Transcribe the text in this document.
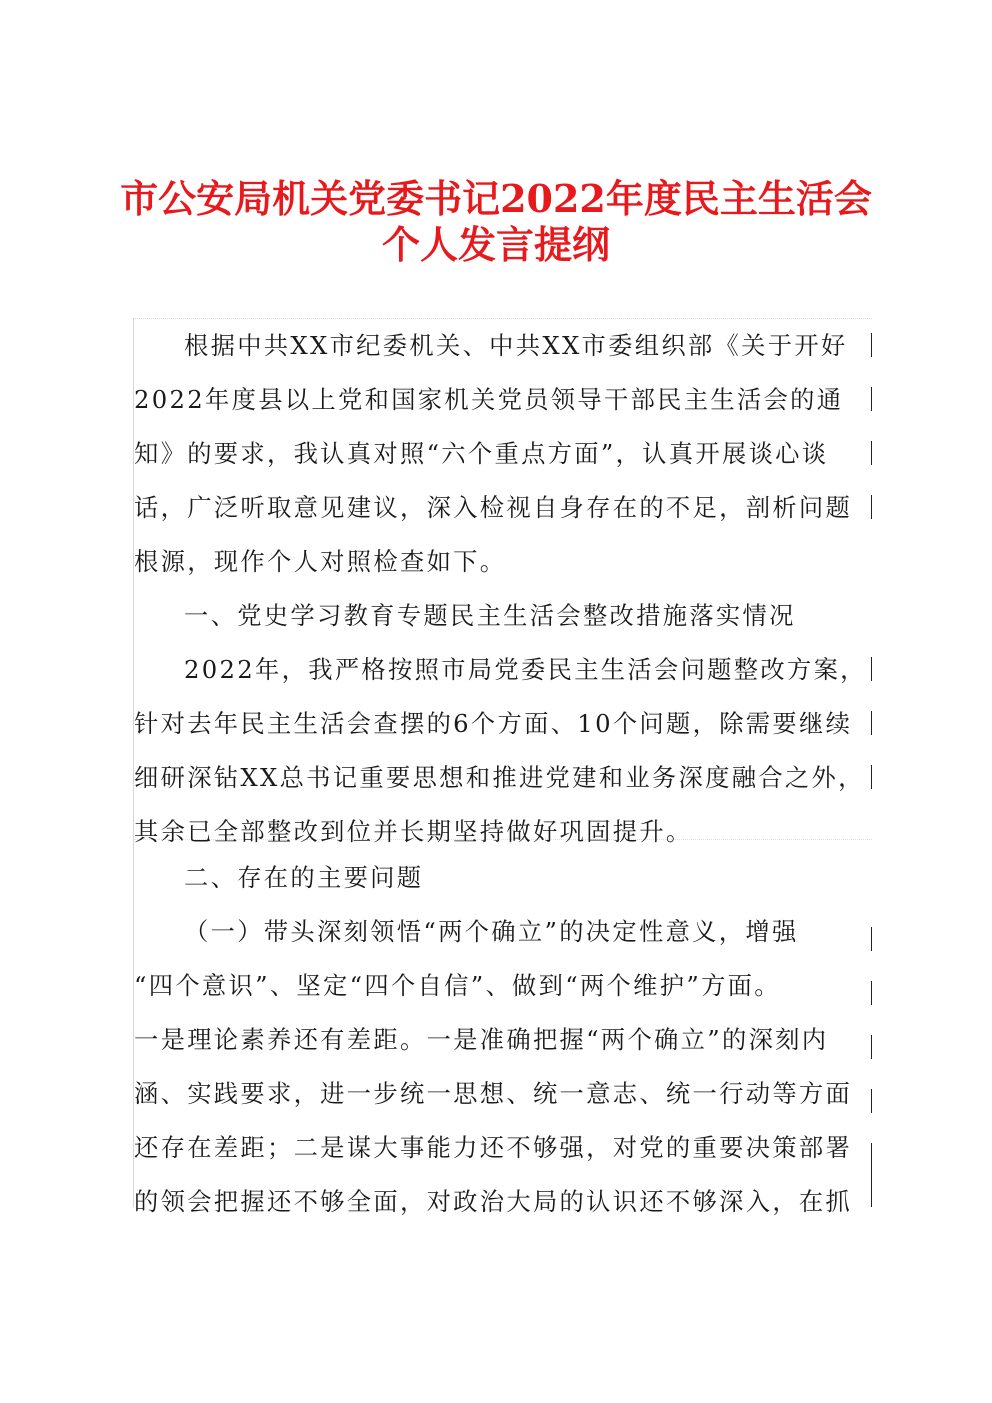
市公安局机关党委书记2022年度民主生活会
个人发言提纲
根据中共XX市纪委机关、中共XX市委组织部《关于开好
2022年度县以上党和国家机关党员领导干部民主生活会的通
知》的要求，我认真对照“六个重点方面”，认真开展谈心谈
话，广泛听取意见建议，深入检视自身存在的不足，剖析问题
根源，现作个人对照检查如下。
一、党史学习教育专题民主生活会整改措施落实情况
2022年，我严格按照市局党委民主生活会问题整改方案，
针对去年民主生活会查摆的6个方面、10个问题，除需要继续
细研深钻XX总书记重要思想和推进党建和业务深度融合之外，
其余已全部整改到位并长期坚持做好巩固提升。
二、存在的主要问题
（一）带头深刻领悟“两个确立”的决定性意义，增强
“四个意识”、坚定“四个自信”、做到“两个维护”方面。
一是理论素养还有差距。一是准确把握“两个确立”的深刻内
涵、实践要求，进一步统一思想、统一意志、统一行动等方面
还存在差距；二是谋大事能力还不够强，对党的重要决策部署
的领会把握还不够全面，对政治大局的认识还不够深入，在抓
